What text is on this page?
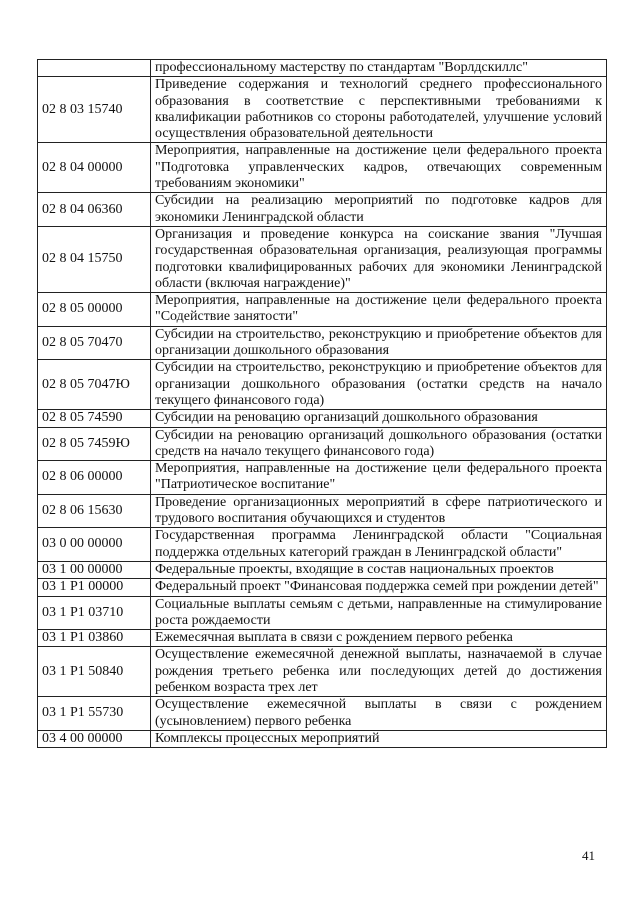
	профессиональному мастерству по стандартам "Ворлдскиллс"
02 8 03 15740	Приведение содержания и технологий среднего профессионального образования в соответствие с перспективными требованиями к квалификации работников со стороны работодателей, улучшение условий осуществления образовательной деятельности
02 8 04 00000	Мероприятия, направленные на достижение цели федерального проекта "Подготовка управленческих кадров, отвечающих современным требованиям экономики"
02 8 04 06360	Субсидии на реализацию мероприятий по подготовке кадров для экономики Ленинградской области
02 8 04 15750	Организация и проведение конкурса на соискание звания "Лучшая государственная образовательная организация, реализующая программы подготовки квалифицированных рабочих для экономики Ленинградской области (включая награждение)"
02 8 05 00000	Мероприятия, направленные на достижение цели федерального проекта "Содействие занятости"
02 8 05 70470	Субсидии на строительство, реконструкцию и приобретение объектов для организации дошкольного образования
02 8 05 7047Ю	Субсидии на строительство, реконструкцию и приобретение объектов для организации дошкольного образования (остатки средств на начало текущего финансового года)
02 8 05 74590	Субсидии на реновацию организаций дошкольного образования
02 8 05 7459Ю	Субсидии на реновацию организаций дошкольного образования (остатки средств на начало текущего финансового года)
02 8 06 00000	Мероприятия, направленные на достижение цели федерального проекта "Патриотическое воспитание"
02 8 06 15630	Проведение организационных мероприятий в сфере патриотического и трудового воспитания обучающихся и студентов
03 0 00 00000	Государственная программа Ленинградской области "Социальная поддержка отдельных категорий граждан в Ленинградской области"
03 1 00 00000	Федеральные проекты, входящие в состав национальных проектов
03 1 P1 00000	Федеральный проект "Финансовая поддержка семей при рождении детей"
03 1 P1 03710	Социальные выплаты семьям с детьми, направленные на стимулирование роста рождаемости
03 1 P1 03860	Ежемесячная выплата в связи с рождением первого ребенка
03 1 P1 50840	Осуществление ежемесячной денежной выплаты, назначаемой в случае рождения третьего ребенка или последующих детей до достижения ребенком возраста трех лет
03 1 P1 55730	Осуществление ежемесячной выплаты в связи с рождением (усыновлением) первого ребенка
03 4 00 00000	Комплексы процессных мероприятий
41
